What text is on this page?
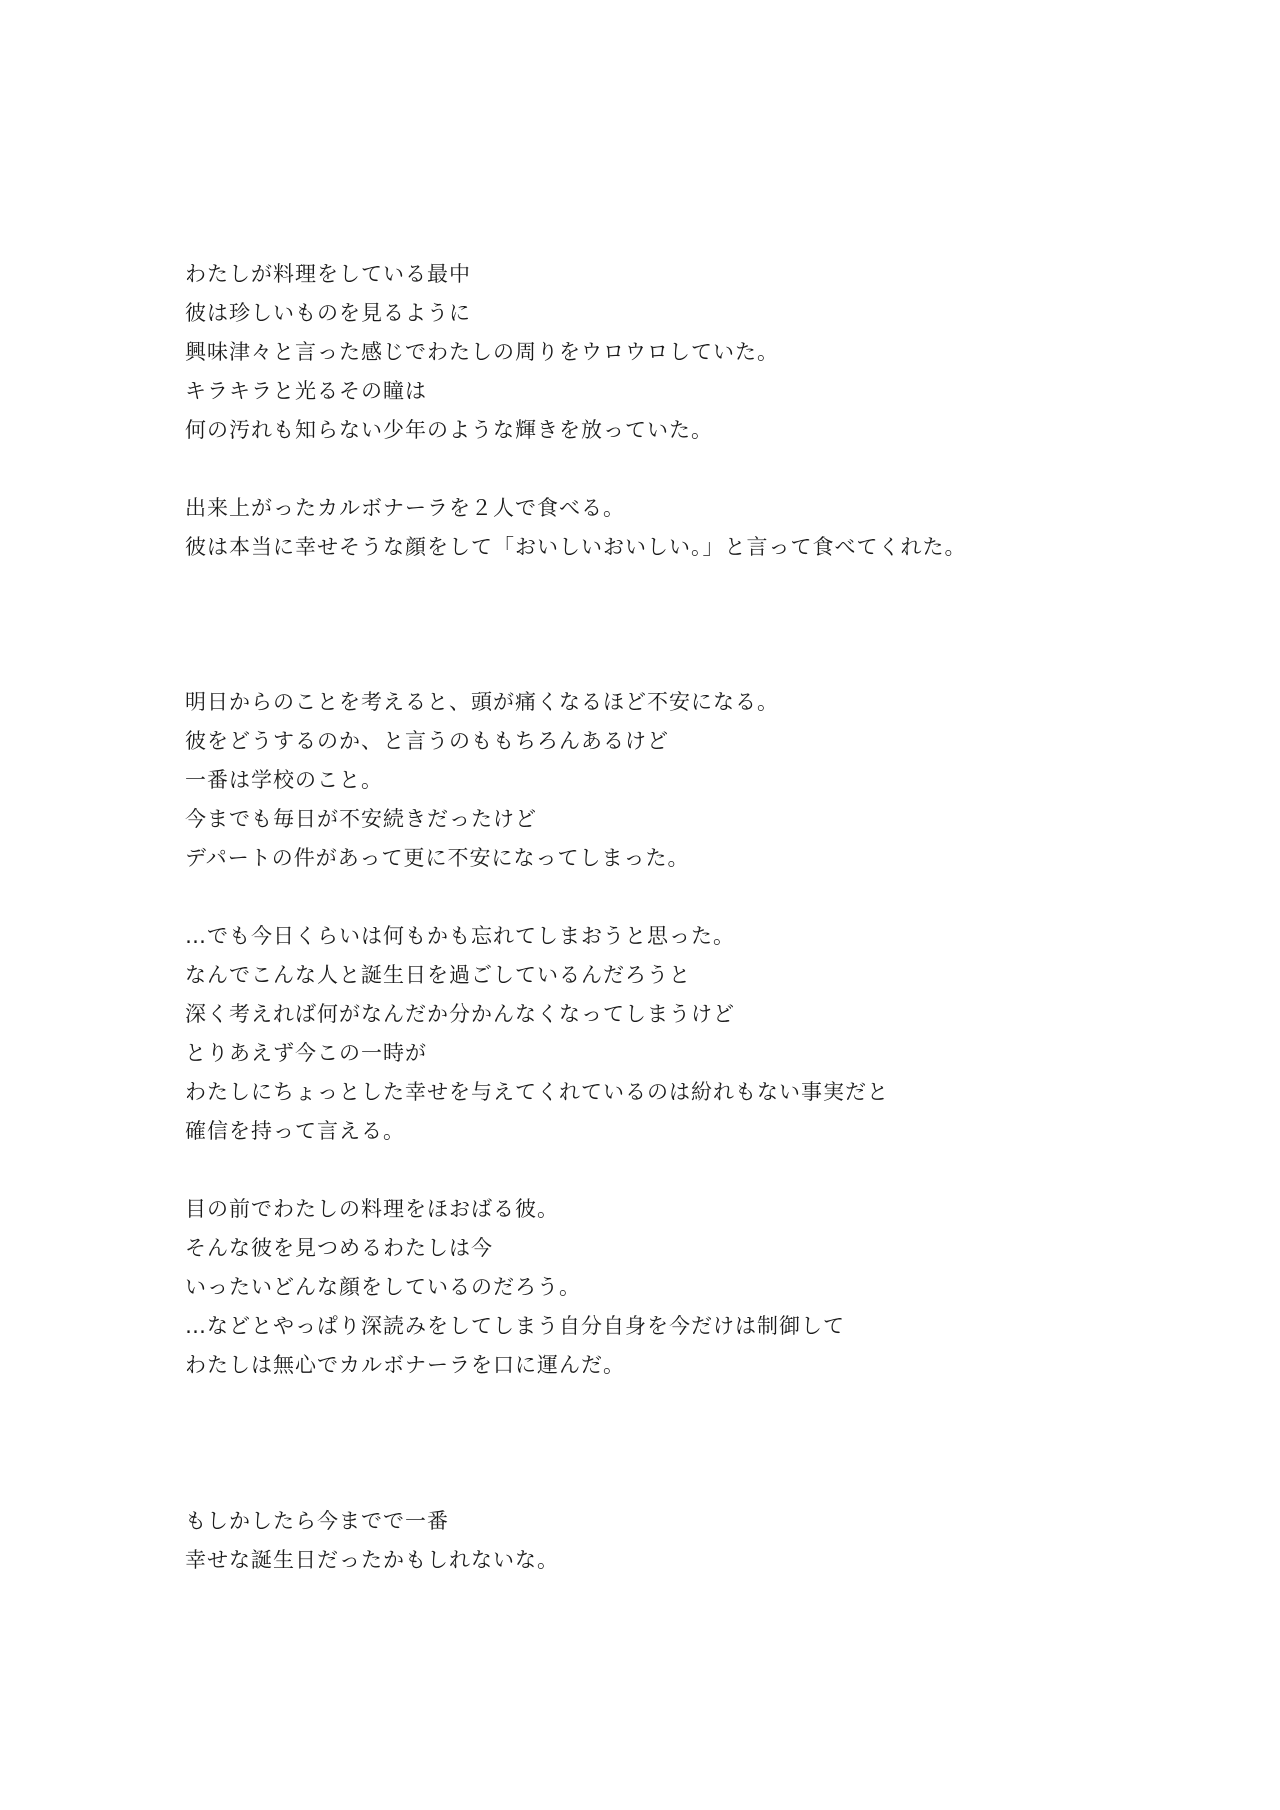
わたしが料理をしている最中
彼は珍しいものを見るように
興味津々と言った感じでわたしの周りをウロウロしていた。
キラキラと光るその瞳は
何の汚れも知らない少年のような輝きを放っていた。
出来上がったカルボナーラを２人で食べる。
彼は本当に幸せそうな顔をして「おいしいおいしい。」と言って食べてくれた。
明日からのことを考えると、頭が痛くなるほど不安になる。
彼をどうするのか、と言うのももちろんあるけど
一番は学校のこと。
今までも毎日が不安続きだったけど
デパートの件があって更に不安になってしまった。
…でも今日くらいは何もかも忘れてしまおうと思った。
なんでこんな人と誕生日を過ごしているんだろうと
深く考えれば何がなんだか分かんなくなってしまうけど
とりあえず今この一時が
わたしにちょっとした幸せを与えてくれているのは紛れもない事実だと
確信を持って言える。
目の前でわたしの料理をほおばる彼。
そんな彼を見つめるわたしは今
いったいどんな顔をしているのだろう。
…などとやっぱり深読みをしてしまう自分自身を今だけは制御して
わたしは無心でカルボナーラを口に運んだ。
もしかしたら今までで一番
幸せな誕生日だったかもしれないな。
